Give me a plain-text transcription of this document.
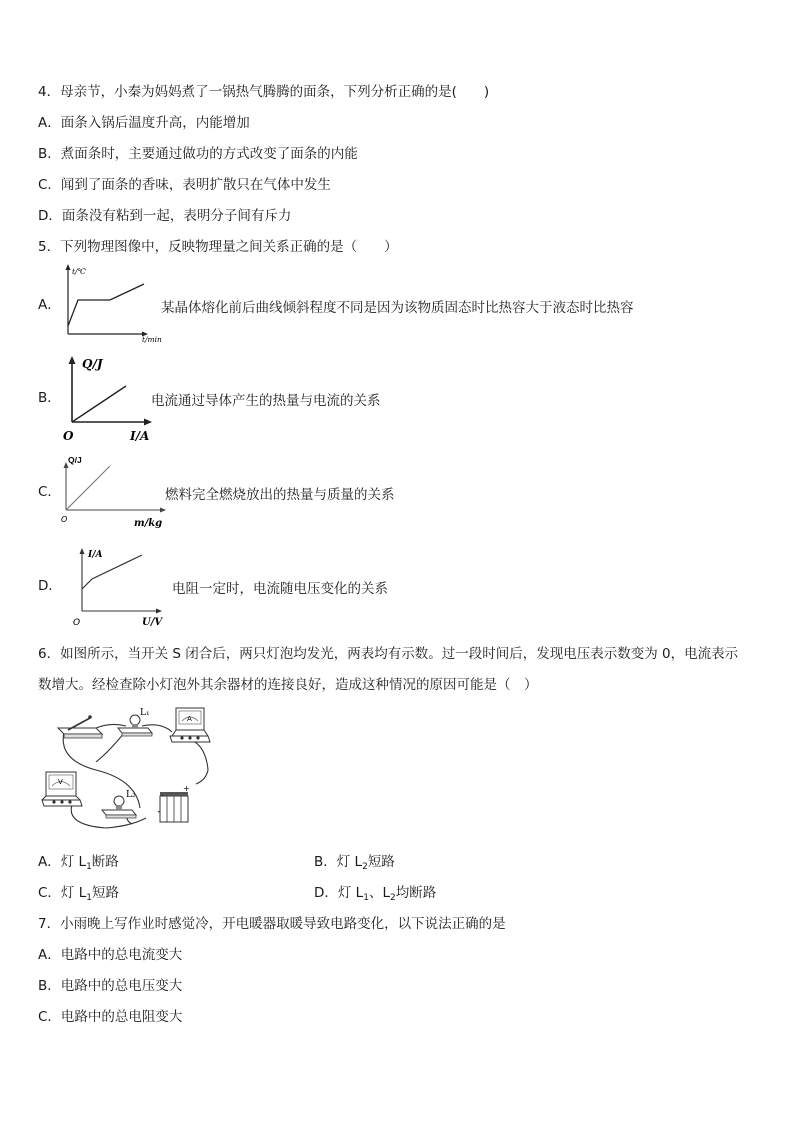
4．母亲节，小秦为妈妈煮了一锅热气腾腾的面条，下列分析正确的是(　　)
A．面条入锅后温度升高，内能增加
B．煮面条时，主要通过做功的方式改变了面条的内能
C．闻到了面条的香味，表明扩散只在气体中发生
D．面条没有粘到一起，表明分子间有斥力
5．下列物理图像中，反映物理量之间关系正确的是（　　）
A．
t/℃
t/min
某晶体熔化前后曲线倾斜程度不同是因为该物质固态时比热容大于液态时比热容
B．
Q/J
I/A
O
电流通过导体产生的热量与电流的关系
C．
Q/J
m/kg
O
燃料完全燃烧放出的热量与质量的关系
D．
I/A
U/V
O
电阻一定时，电流随电压变化的关系
6．如图所示，当开关 S 闭合后，两只灯泡均发光，两表均有示数。过一段时间后，发现电压表示数变为 0，电流表示
数增大。经检查除小灯泡外其余器材的连接良好，造成这种情况的原因可能是（　）
L₁
A
V
L₂
+
-
A．灯 $L_1$断路	B．灯 $L_2$短路
C．灯 $L_1$短路	D．灯 $L_1$、$L_2$均断路
7．小雨晚上写作业时感觉冷，开电暖器取暖导致电路变化，以下说法正确的是
A．电路中的总电流变大
B．电路中的总电压变大
C．电路中的总电阻变大
